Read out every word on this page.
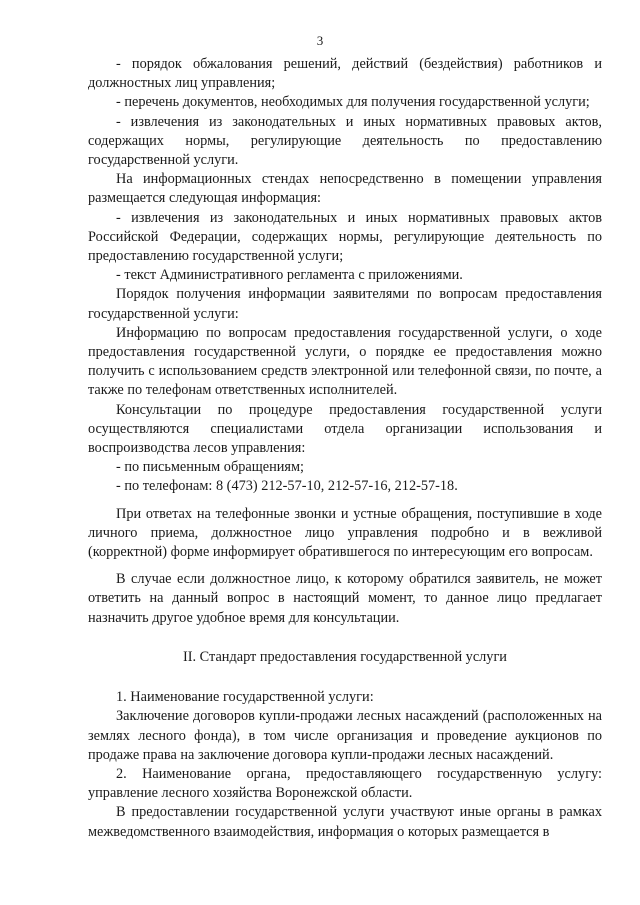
3

- порядок обжалования решений, действий (бездействия) работников и должностных лиц управления;

- перечень документов, необходимых для получения государственной услуги;

- извлечения из законодательных и иных нормативных правовых актов, содержащих нормы, регулирующие деятельность по предоставлению государственной услуги.

На информационных стендах непосредственно в помещении управления размещается следующая информация:

- извлечения из законодательных и иных нормативных правовых актов Российской Федерации, содержащих нормы, регулирующие деятельность по предоставлению государственной услуги;

- текст Административного регламента с приложениями.

Порядок получения информации заявителями по вопросам предоставления государственной услуги:

Информацию по вопросам предоставления государственной услуги, о ходе предоставления государственной услуги, о порядке ее предоставления можно получить с использованием средств электронной или телефонной связи, по почте, а также по телефонам ответственных исполнителей.

Консультации по процедуре предоставления государственной услуги осуществляются специалистами отдела организации использования и воспроизводства лесов управления:

- по письменным обращениям;

- по телефонам: 8 (473) 212-57-10, 212-57-16, 212-57-18.

При ответах на телефонные звонки и устные обращения, поступившие в ходе личного приема, должностное лицо управления подробно и в вежливой (корректной) форме информирует обратившегося по интересующим его вопросам.

В случае если должностное лицо, к которому обратился заявитель, не может ответить на данный вопрос в настоящий момент, то данное лицо предлагает назначить другое удобное время для консультации.

II. Стандарт предоставления государственной услуги

1. Наименование государственной услуги:

Заключение договоров купли-продажи лесных насаждений (расположенных на землях лесного фонда), в том числе организация и проведение аукционов по продаже права на заключение договора купли-продажи лесных насаждений.

2. Наименование органа, предоставляющего государственную услугу: управление лесного хозяйства Воронежской области.

В предоставлении государственной услуги участвуют иные органы в рамках межведомственного взаимодействия, информация о которых размещается в
